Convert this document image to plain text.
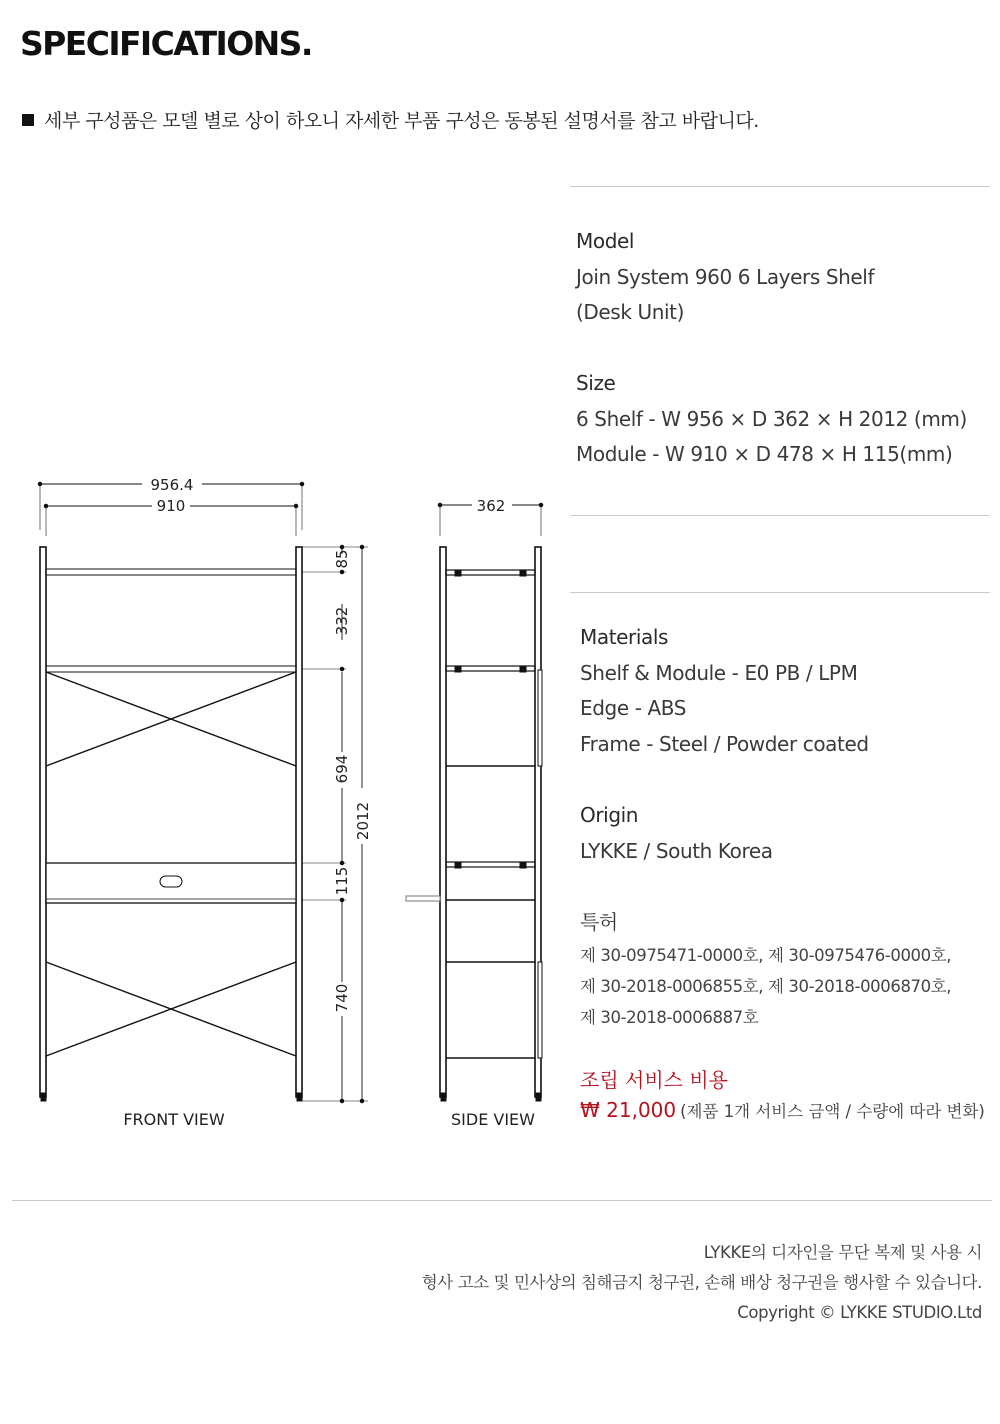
SPECIFICATIONS.
세부 구성품은 모델 별로 상이 하오니 자세한 부품 구성은 동봉된 설명서를 참고 바랍니다.
Model
Join System 960 6 Layers Shelf
(Desk Unit)
Size
6 Shelf - W 956 × D 362 × H 2012 (mm)
Module - W 910 × D 478 × H 115(mm)
Materials
Shelf & Module - E0 PB / LPM
Edge - ABS
Frame - Steel / Powder coated
Origin
LYKKE / South Korea
특허
제 30-0975471-0000호, 제 30-0975476-0000호,
제 30-2018-0006855호, 제 30-2018-0006870호,
제 30-2018-0006887호
조립 서비스 비용
₩ 21,000 (제품 1개 서비스 금액 / 수량에 따라 변화)
956.4
910	362
85
332
694
115
740
2012
FRONT VIEW	SIDE VIEW
LYKKE의 디자인을 무단 복제 및 사용 시
형사 고소 및 민사상의 침해금지 청구권, 손해 배상 청구권을 행사할 수 있습니다.
Copyright © LYKKE STUDIO.Ltd
